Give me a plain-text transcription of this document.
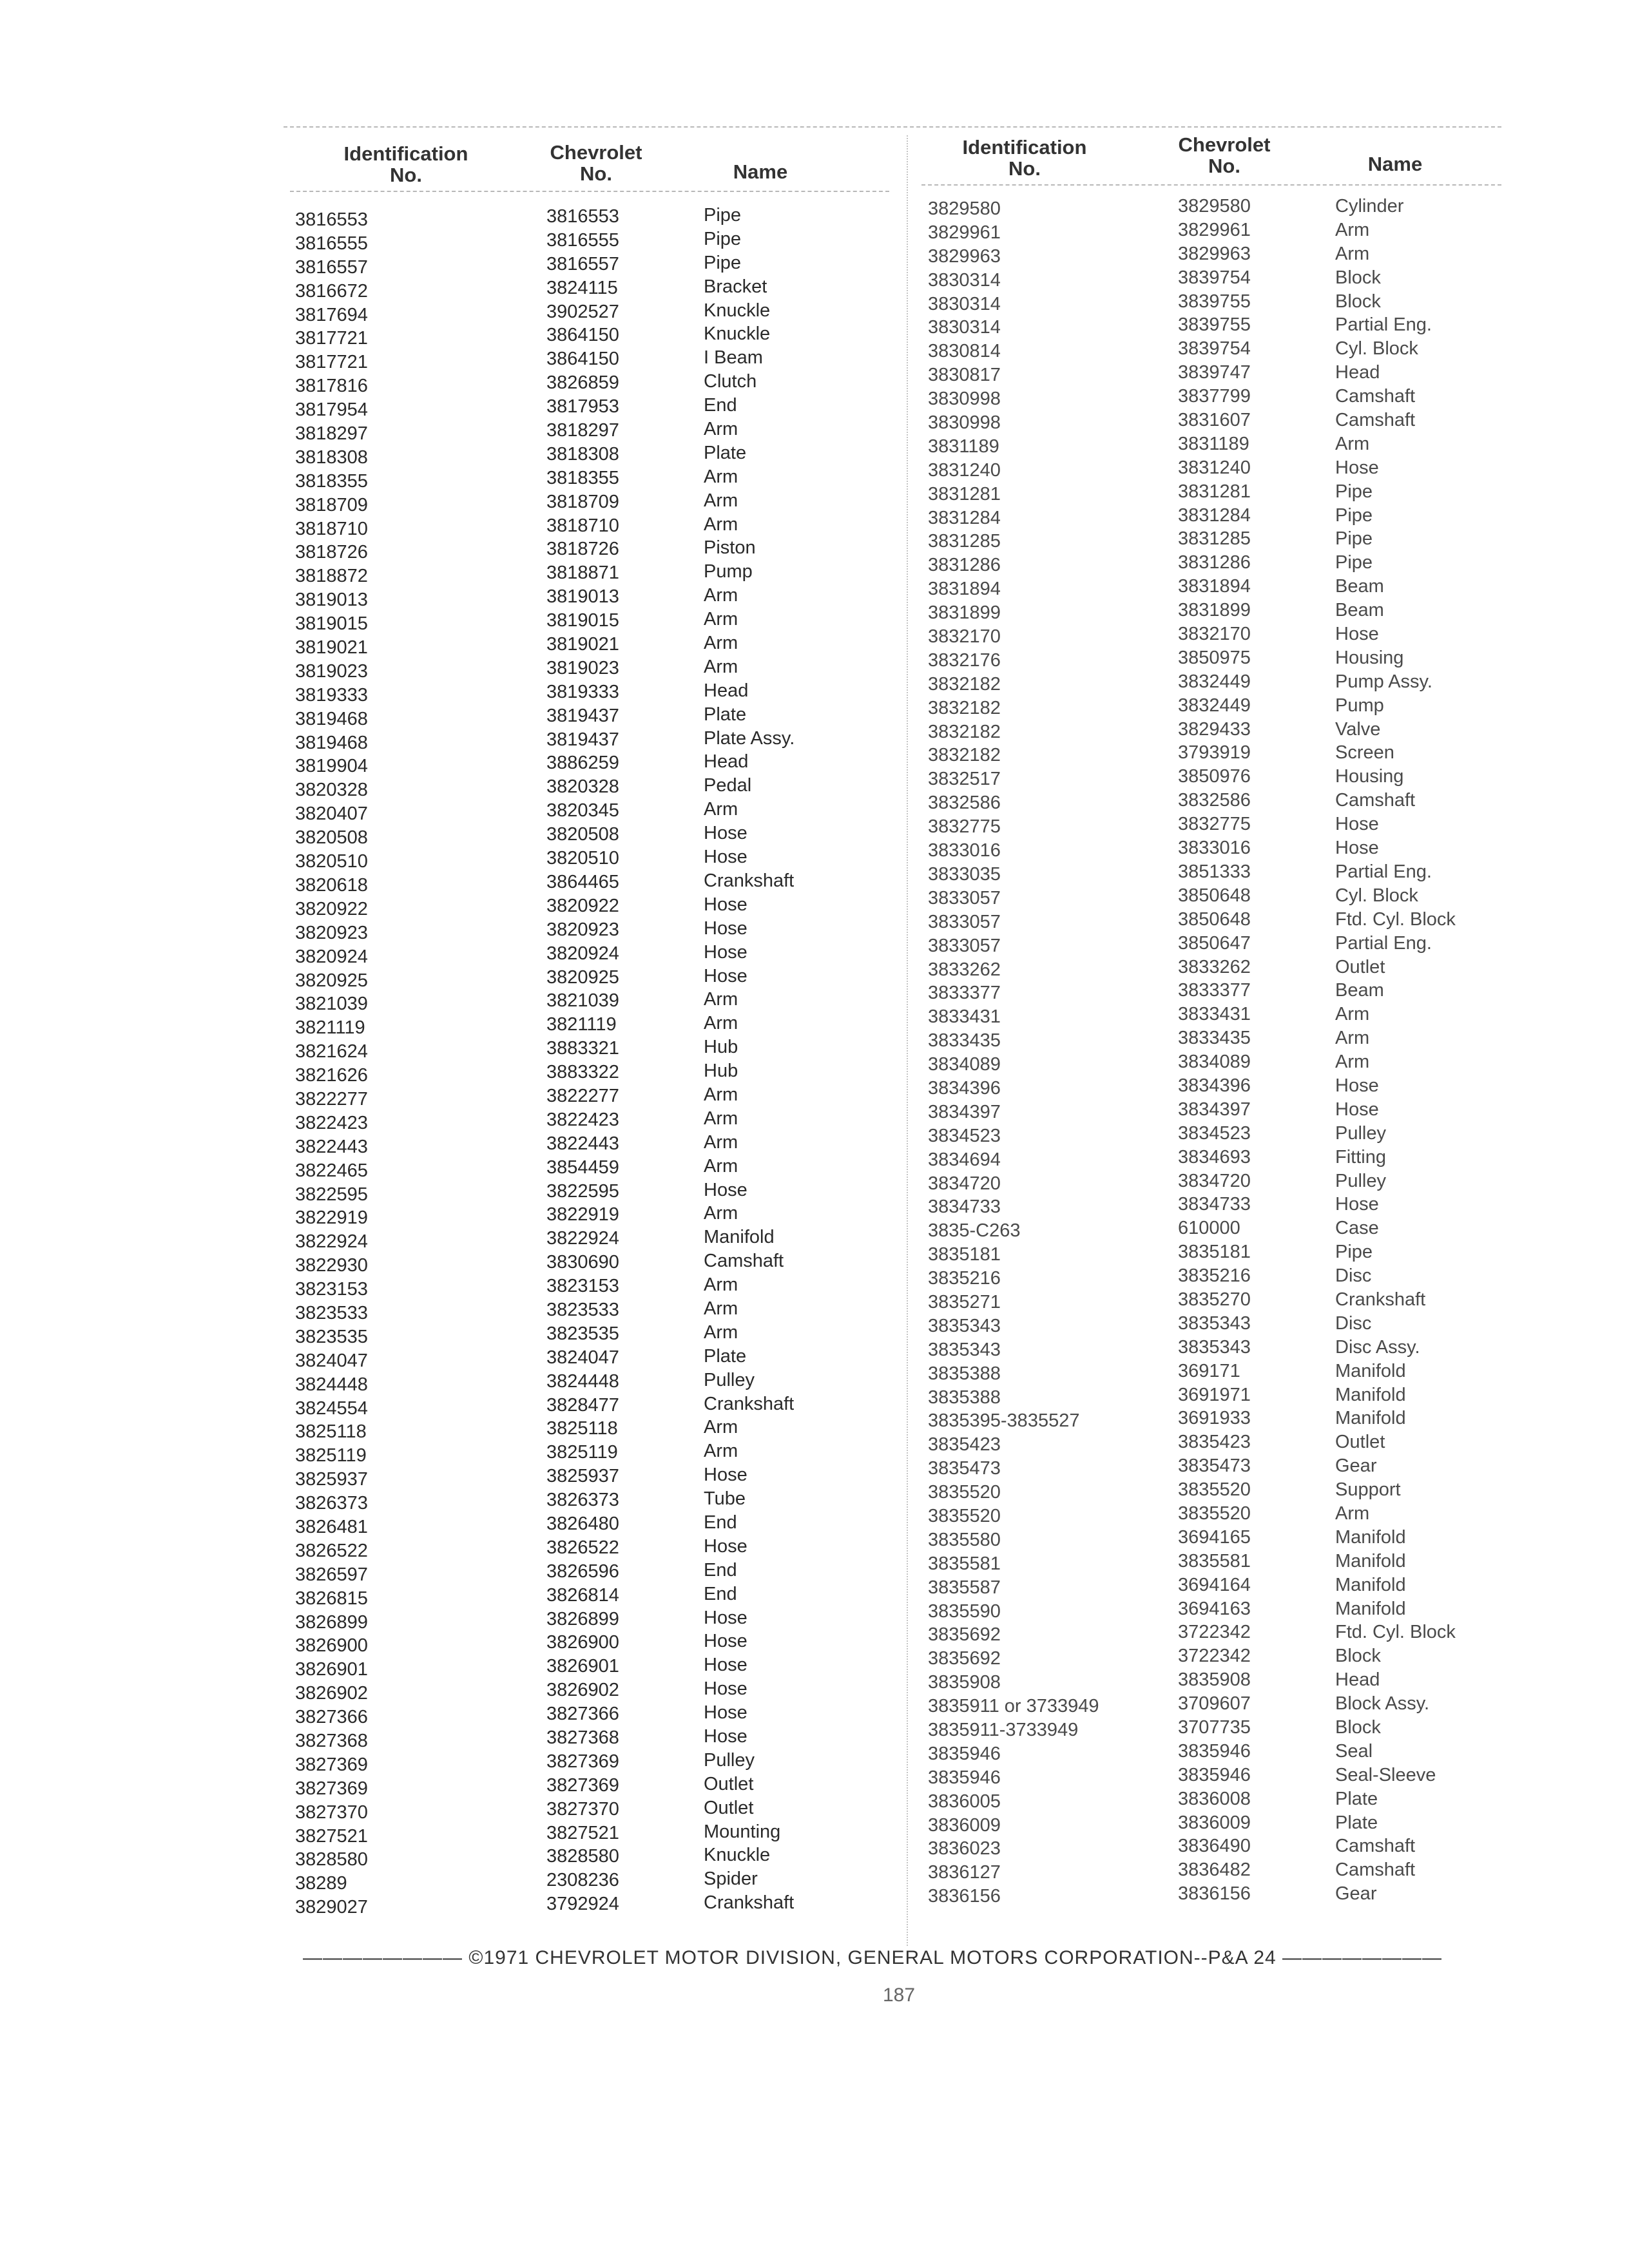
Identification
No.
Chevrolet
No.	Name
Identification
No.
Chevrolet
No.	Name
3816553
3816555
3816557
3816672
3817694
3817721
3817721
3817816
3817954
3818297
3818308
3818355
3818709
3818710
3818726
3818872
3819013
3819015
3819021
3819023
3819333
3819468
3819468
3819904
3820328
3820407
3820508
3820510
3820618
3820922
3820923
3820924
3820925
3821039
3821119
3821624
3821626
3822277
3822423
3822443
3822465
3822595
3822919
3822924
3822930
3823153
3823533
3823535
3824047
3824448
3824554
3825118
3825119
3825937
3826373
3826481
3826522
3826597
3826815
3826899
3826900
3826901
3826902
3827366
3827368
3827369
3827369
3827370
3827521
3828580
38289
3829027
3816553
3816555
3816557
3824115
3902527
3864150
3864150
3826859
3817953
3818297
3818308
3818355
3818709
3818710
3818726
3818871
3819013
3819015
3819021
3819023
3819333
3819437
3819437
3886259
3820328
3820345
3820508
3820510
3864465
3820922
3820923
3820924
3820925
3821039
3821119
3883321
3883322
3822277
3822423
3822443
3854459
3822595
3822919
3822924
3830690
3823153
3823533
3823535
3824047
3824448
3828477
3825118
3825119
3825937
3826373
3826480
3826522
3826596
3826814
3826899
3826900
3826901
3826902
3827366
3827368
3827369
3827369
3827370
3827521
3828580
2308236
3792924
Pipe
Pipe
Pipe
Bracket
Knuckle
Knuckle
I Beam
Clutch
End
Arm
Plate
Arm
Arm
Arm
Piston
Pump
Arm
Arm
Arm
Arm
Head
Plate
Plate Assy.
Head
Pedal
Arm
Hose
Hose
Crankshaft
Hose
Hose
Hose
Hose
Arm
Arm
Hub
Hub
Arm
Arm
Arm
Arm
Hose
Arm
Manifold
Camshaft
Arm
Arm
Arm
Plate
Pulley
Crankshaft
Arm
Arm
Hose
Tube
End
Hose
End
End
Hose
Hose
Hose
Hose
Hose
Hose
Pulley
Outlet
Outlet
Mounting
Knuckle
Spider
Crankshaft
3829580
3829961
3829963
3830314
3830314
3830314
3830814
3830817
3830998
3830998
3831189
3831240
3831281
3831284
3831285
3831286
3831894
3831899
3832170
3832176
3832182
3832182
3832182
3832182
3832517
3832586
3832775
3833016
3833035
3833057
3833057
3833057
3833262
3833377
3833431
3833435
3834089
3834396
3834397
3834523
3834694
3834720
3834733
3835-C263
3835181
3835216
3835271
3835343
3835343
3835388
3835388
3835395-3835527
3835423
3835473
3835520
3835520
3835580
3835581
3835587
3835590
3835692
3835692
3835908
3835911 or 3733949
3835911-3733949
3835946
3835946
3836005
3836009
3836023
3836127
3836156
3829580
3829961
3829963
3839754
3839755
3839755
3839754
3839747
3837799
3831607
3831189
3831240
3831281
3831284
3831285
3831286
3831894
3831899
3832170
3850975
3832449
3832449
3829433
3793919
3850976
3832586
3832775
3833016
3851333
3850648
3850648
3850647
3833262
3833377
3833431
3833435
3834089
3834396
3834397
3834523
3834693
3834720
3834733
610000
3835181
3835216
3835270
3835343
3835343
369171
3691971
3691933
3835423
3835473
3835520
3835520
3694165
3835581
3694164
3694163
3722342
3722342
3835908
3709607
3707735
3835946
3835946
3836008
3836009
3836490
3836482
3836156
Cylinder
Arm
Arm
Block
Block
Partial Eng.
Cyl. Block
Head
Camshaft
Camshaft
Arm
Hose
Pipe
Pipe
Pipe
Pipe
Beam
Beam
Hose
Housing
Pump Assy.
Pump
Valve
Screen
Housing
Camshaft
Hose
Hose
Partial Eng.
Cyl. Block
Ftd. Cyl. Block
Partial Eng.
Outlet
Beam
Arm
Arm
Arm
Hose
Hose
Pulley
Fitting
Pulley
Hose
Case
Pipe
Disc
Crankshaft
Disc
Disc Assy.
Manifold
Manifold
Manifold
Outlet
Gear
Support
Arm
Manifold
Manifold
Manifold
Manifold
Ftd. Cyl. Block
Block
Head
Block Assy.
Block
Seal
Seal-Sleeve
Plate
Plate
Camshaft
Camshaft
Gear
———————— ©1971 CHEVROLET MOTOR DIVISION, GENERAL MOTORS CORPORATION--P&A 24 ————————
187
